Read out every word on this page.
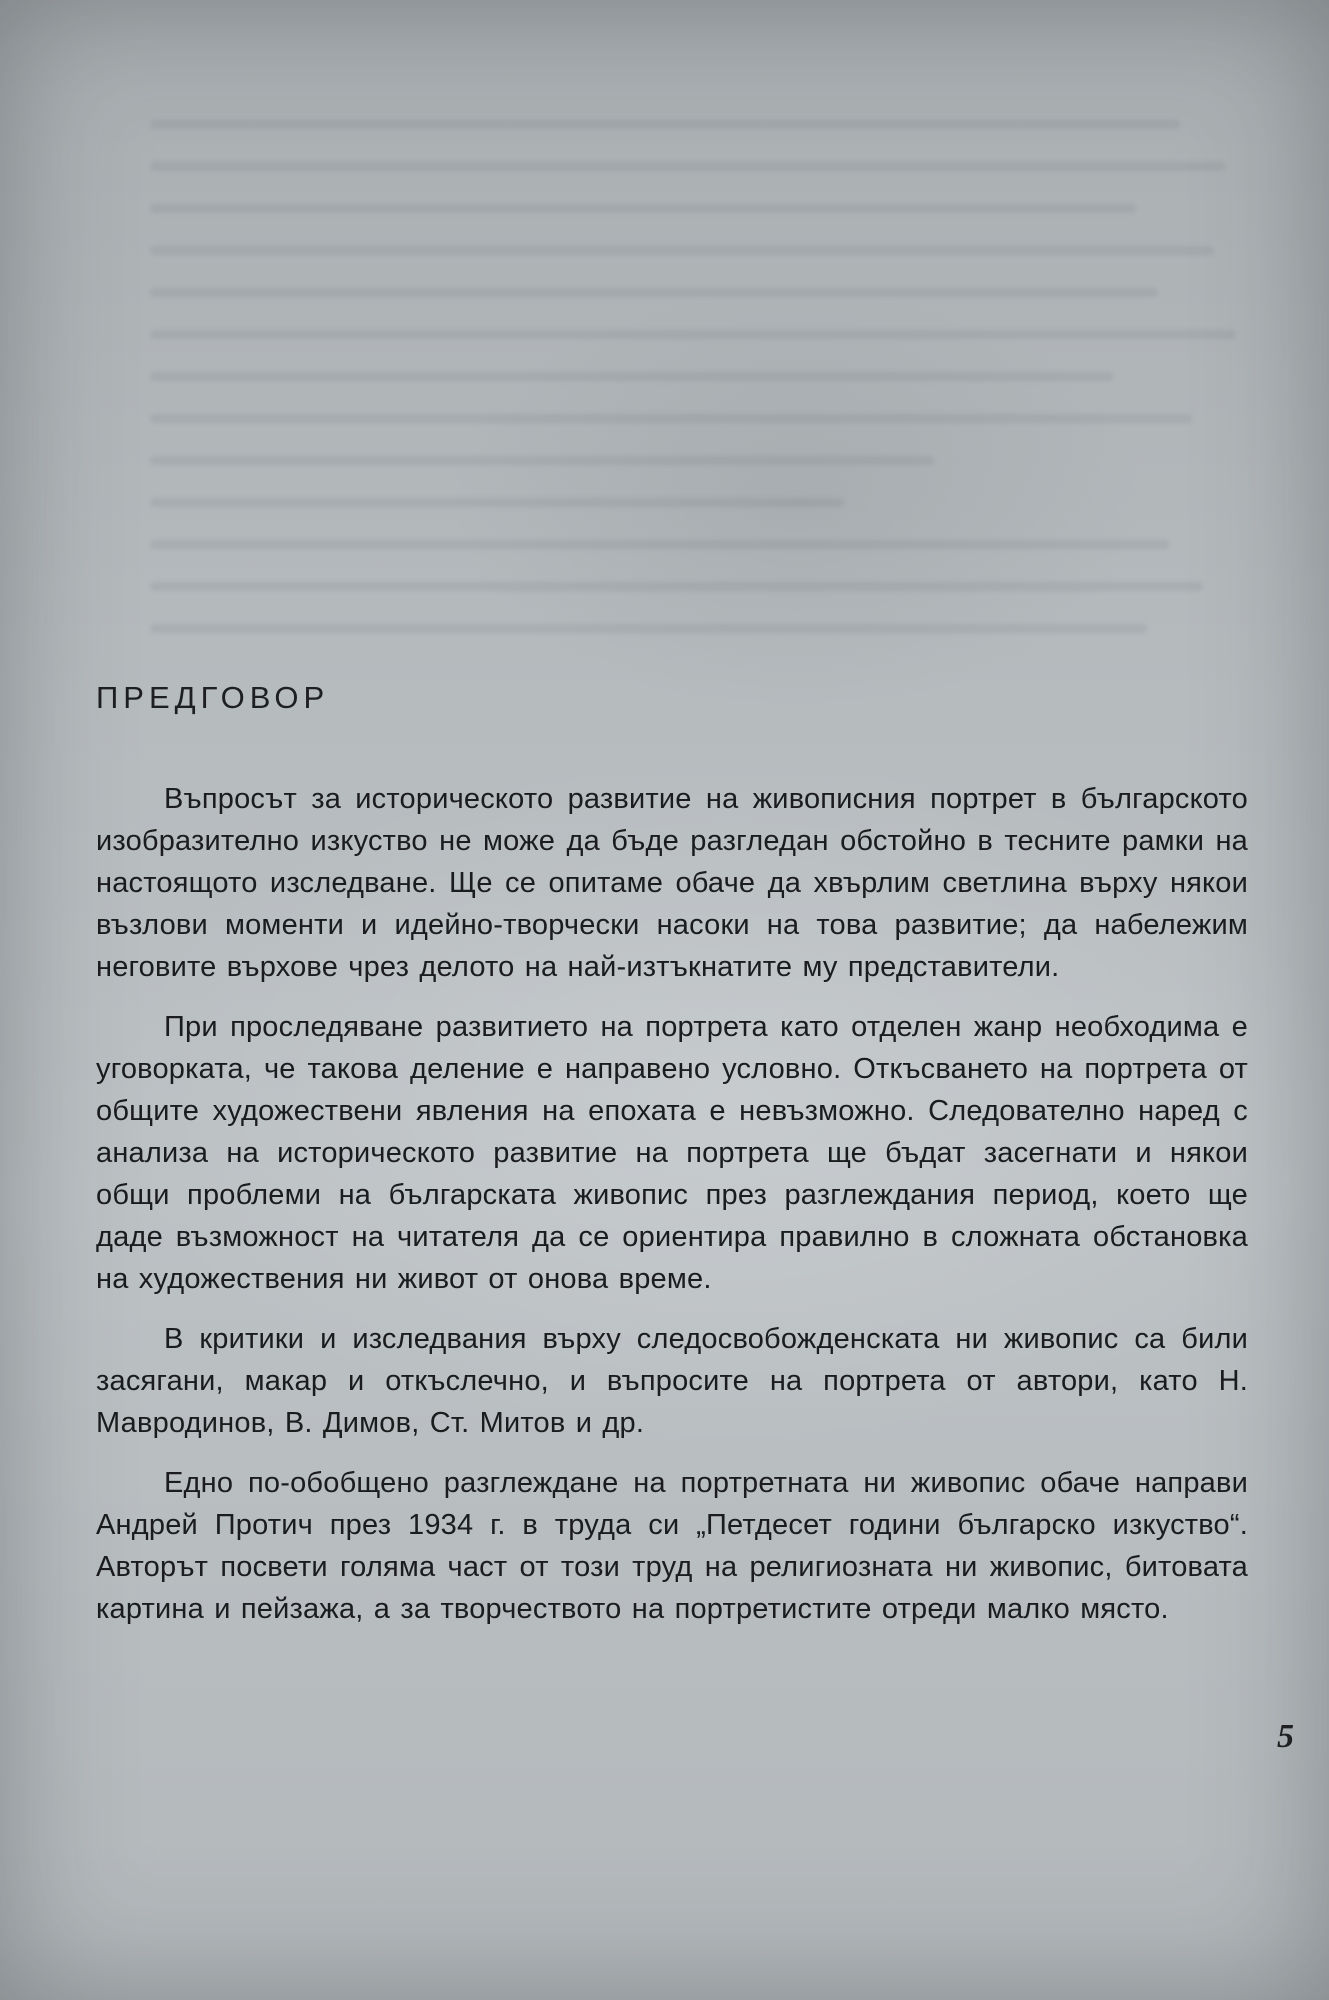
ПРЕДГОВОР

Въпросът за историческото развитие на живописния портрет в българското изобразително изкуство не може да бъде разгледан обстойно в тесните рамки на настоящото изследване. Ще се опитаме обаче да хвърлим светлина върху някои възлови моменти и идейно-творчески насоки на това развитие; да набележим неговите върхове чрез делото на най-изтъкнатите му представители.

При проследяване развитието на портрета като отделен жанр необходима е уговорката, че такова деление е направено условно. Откъсването на портрета от общите художествени явления на епохата е невъзможно. Следователно наред с анализа на историческото развитие на портрета ще бъдат засегнати и някои общи проблеми на българската живопис през разглеждания период, което ще даде възможност на читателя да се ориентира правилно в сложната обстановка на художествения ни живот от онова време.

В критики и изследвания върху следосвобожденската ни живопис са били засягани, макар и откъслечно, и въпросите на портрета от автори, като Н. Мавродинов, В. Димов, Ст. Митов и др.

Едно по-обобщено разглеждане на портретната ни живопис обаче направи Андрей Протич през 1934 г. в труда си „Петдесет години българско изкуство“. Авторът посвети голяма част от този труд на религиозната ни живопис, битовата картина и пейзажа, а за творчеството на портретистите отреди малко място.

5
